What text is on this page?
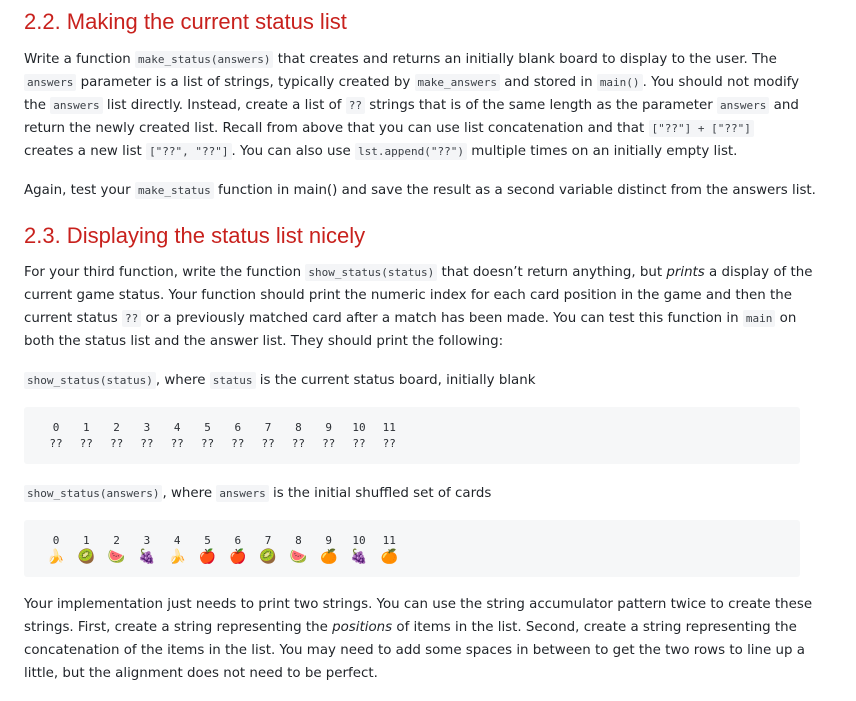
2.2. Making the current status list
Write a function make_status(answers) that creates and returns an initially blank board to display to the user. The answers parameter is a list of strings, typically created by make_answers and stored in main() . You should not modify the answers list directly. Instead, create a list of ?? strings that is of the same length as the parameter answers and return the newly created list. Recall from above that you can use list concatenation and that ["??"] + ["??"] creates a new list ["??", "??"] . You can also use lst.append("??") multiple times on an initially empty list.
Again, test your make_status function in main() and save the result as a second variable distinct from the answers list.
2.3. Displaying the status list nicely
For your third function, write the function show_status(status) that doesn’t return anything, but prints a display of the current game status. Your function should print the numeric index for each card position in the game and then the current status ?? or a previously matched card after a match has been made. You can test this function in main on both the status list and the answer list. They should print the following:
show_status(status) , where status is the current status board, initially blank
0	1	2	3	4	5	6	7	8	9	10	11
??	??	??	??	??	??	??	??	??	??	??	??
show_status(answers) , where answers is the initial shuffled set of cards
0	1	2	3	4	5	6	7	8	9	10	11
🍌 🥝 🍉 🍇 🍌 🍎 🍎 🥝 🍉 🍊 🍇 🍊
Your implementation just needs to print two strings. You can use the string accumulator pattern twice to create these strings. First, create a string representing the positions of items in the list. Second, create a string representing the concatenation of the items in the list. You may need to add some spaces in between to get the two rows to line up a little, but the alignment does not need to be perfect.
